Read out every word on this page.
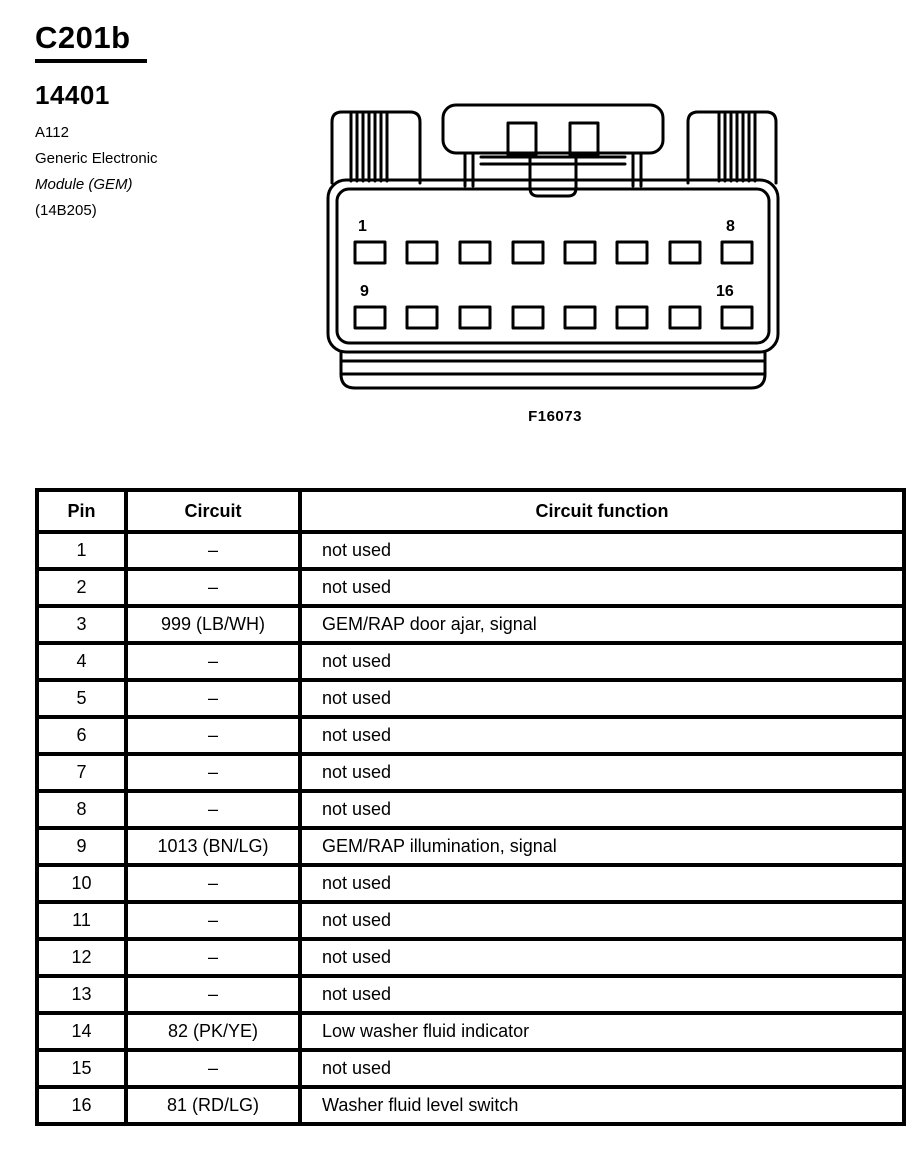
C201b
14401
A112
Generic Electronic
Module (GEM)
(14B205)
1	8
9	16
F16073
Pin	Circuit	Circuit function
1	–	not used
2	–	not used
3	999 (LB/WH)	GEM/RAP door ajar, signal
4	–	not used
5	–	not used
6	–	not used
7	–	not used
8	–	not used
9	1013 (BN/LG)	GEM/RAP illumination, signal
10	–	not used
11	–	not used
12	–	not used
13	–	not used
14	82 (PK/YE)	Low washer fluid indicator
15	–	not used
16	81 (RD/LG)	Washer fluid level switch
